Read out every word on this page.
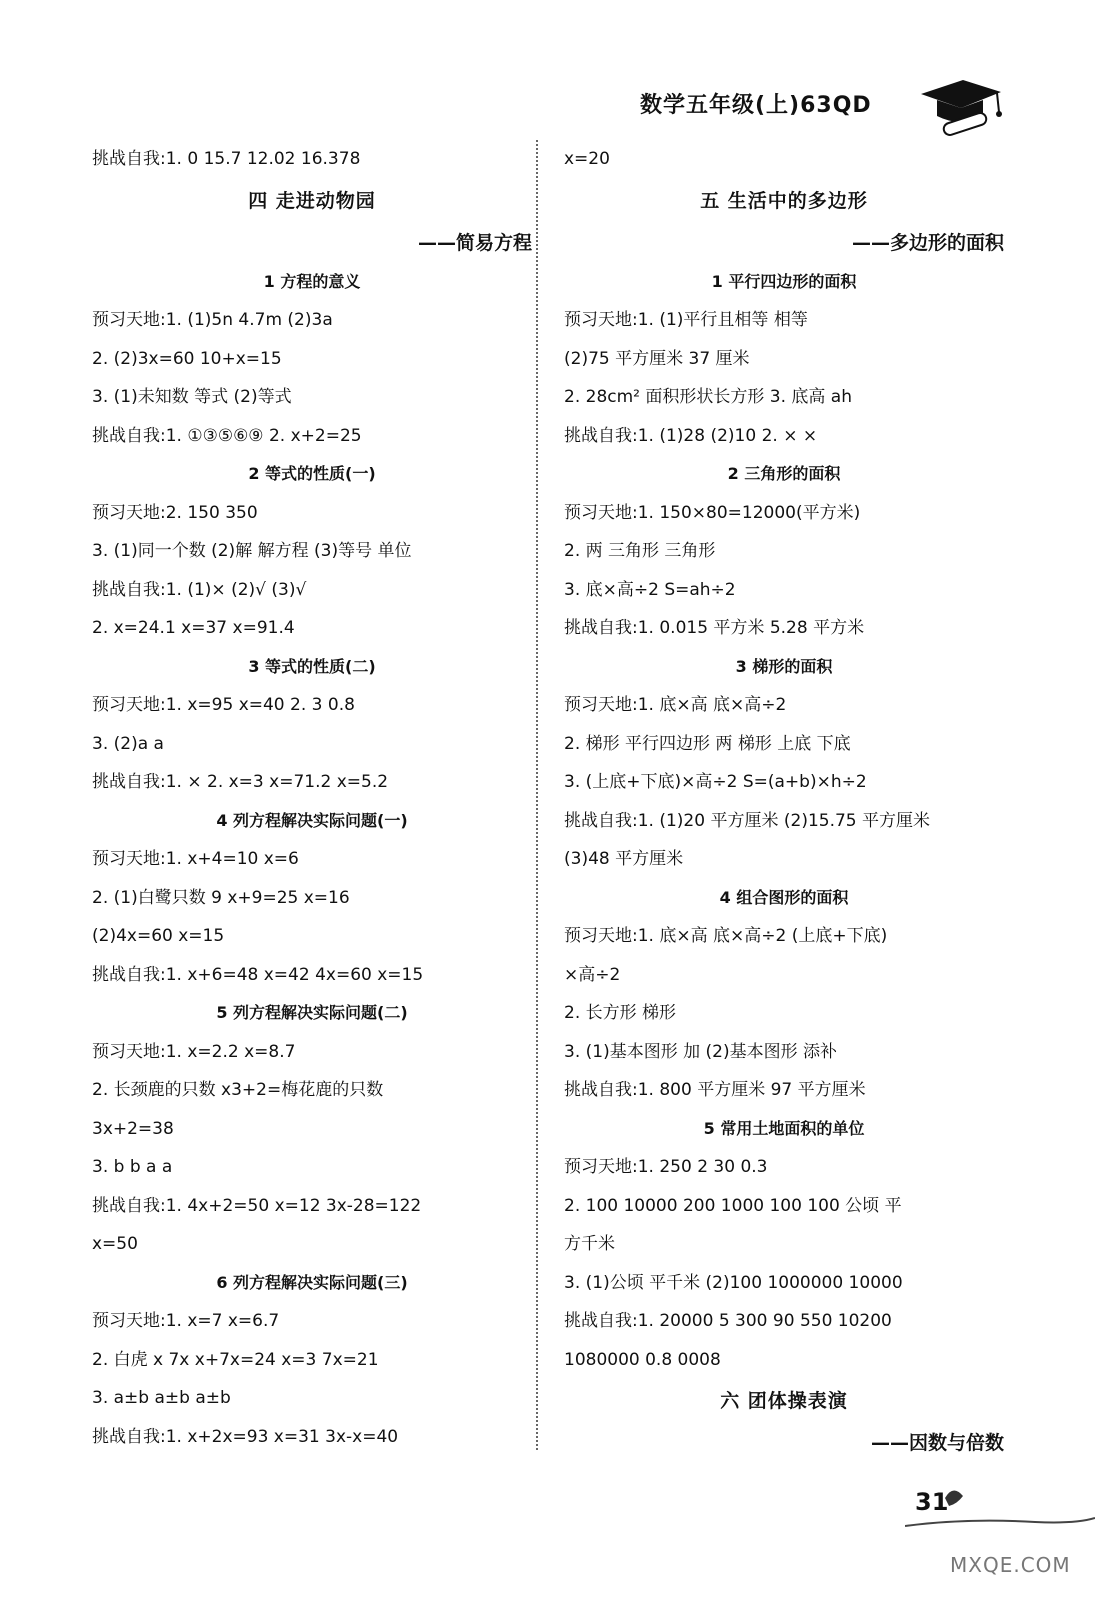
数学五年级(上)63QD
挑战自我:1. 0 15.7 12.02 16.378
四 走进动物园
——简易方程
1 方程的意义
预习天地:1. (1)5n 4.7m (2)3a
2. (2)3x=60 10+x=15
3. (1)未知数 等式 (2)等式
挑战自我:1. ①③⑤⑥⑨ 2. x+2=25
2 等式的性质(一)
预习天地:2. 150 350
3. (1)同一个数 (2)解 解方程 (3)等号 单位
挑战自我:1. (1)× (2)√ (3)√
2. x=24.1 x=37 x=91.4
3 等式的性质(二)
预习天地:1. x=95 x=40 2. 3 0.8
3. (2)a a
挑战自我:1. × 2. x=3 x=71.2 x=5.2
4 列方程解决实际问题(一)
预习天地:1. x+4=10 x=6
2. (1)白鹭只数 9 x+9=25 x=16
(2)4x=60 x=15
挑战自我:1. x+6=48 x=42 4x=60 x=15
5 列方程解决实际问题(二)
预习天地:1. x=2.2 x=8.7
2. 长颈鹿的只数 x3+2=梅花鹿的只数
3x+2=38
3. b b a a
挑战自我:1. 4x+2=50 x=12 3x-28=122
x=50
6 列方程解决实际问题(三)
预习天地:1. x=7 x=6.7
2. 白虎 x 7x x+7x=24 x=3 7x=21
3. a±b a±b a±b
挑战自我:1. x+2x=93 x=31 3x-x=40
x=20
五 生活中的多边形
——多边形的面积
1 平行四边形的面积
预习天地:1. (1)平行且相等 相等
(2)75 平方厘米 37 厘米
2. 28cm² 面积形状长方形 3. 底高 ah
挑战自我:1. (1)28 (2)10 2. × ×
2 三角形的面积
预习天地:1. 150×80=12000(平方米)
2. 两 三角形 三角形
3. 底×高÷2 S=ah÷2
挑战自我:1. 0.015 平方米 5.28 平方米
3 梯形的面积
预习天地:1. 底×高 底×高÷2
2. 梯形 平行四边形 两 梯形 上底 下底
3. (上底+下底)×高÷2 S=(a+b)×h÷2
挑战自我:1. (1)20 平方厘米 (2)15.75 平方厘米
(3)48 平方厘米
4 组合图形的面积
预习天地:1. 底×高 底×高÷2 (上底+下底)
×高÷2
2. 长方形 梯形
3. (1)基本图形 加 (2)基本图形 添补
挑战自我:1. 800 平方厘米 97 平方厘米
5 常用土地面积的单位
预习天地:1. 250 2 30 0.3
2. 100 10000 200 1000 100 100 公顷 平
方千米
3. (1)公顷 平千米 (2)100 1000000 10000
挑战自我:1. 20000 5 300 90 550 10200
1080000 0.8 0008
六 团体操表演
——因数与倍数
31
MXQE.COM
